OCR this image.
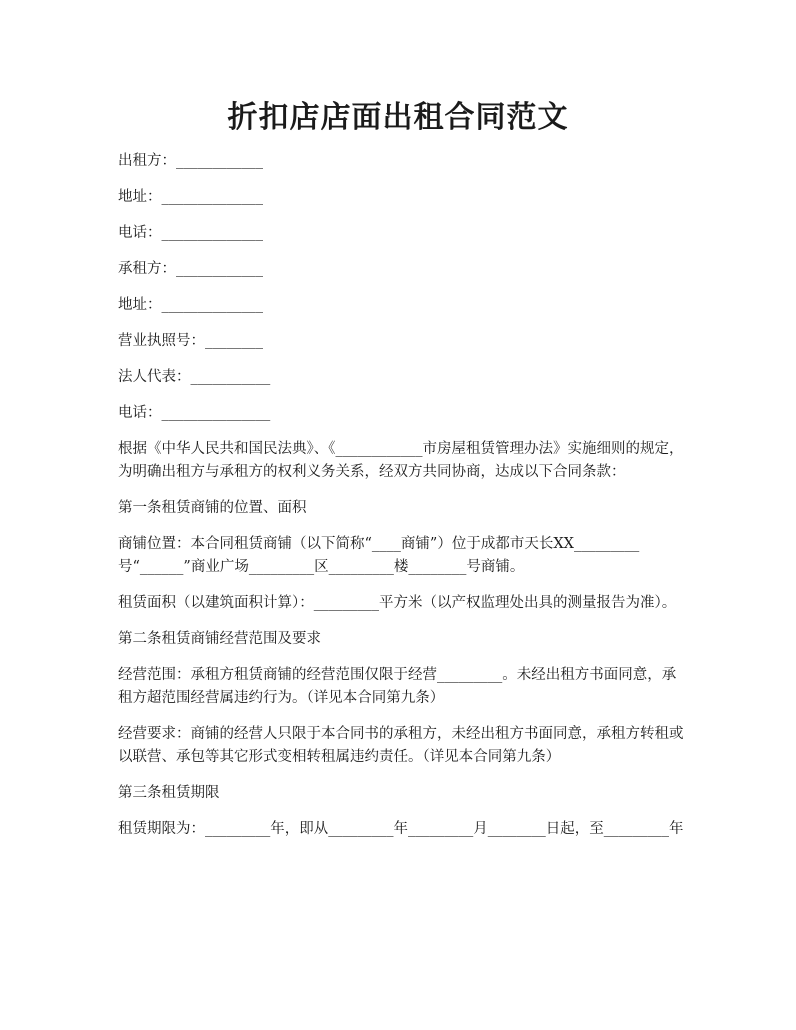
折扣店店面出租合同范文

出租方：____________

地址：______________

电话：______________

承租方：____________

地址：______________

营业执照号：________

法人代表：___________

电话：_______________

根据《中华人民共和国民法典》、《____________市房屋租赁管理办法》实施细则的规定，为明确出租方与承租方的权利义务关系，经双方共同协商，达成以下合同条款：

第一条租赁商铺的位置、面积

商铺位置：本合同租赁商铺（以下简称“____商铺”）位于成都市天长XX_________号“______”商业广场_________区_________楼________号商铺。

租赁面积（以建筑面积计算）：_________平方米（以产权监理处出具的测量报告为准）。

第二条租赁商铺经营范围及要求

经营范围：承租方租赁商铺的经营范围仅限于经营_________。未经出租方书面同意，承租方超范围经营属违约行为。（详见本合同第九条）

经营要求：商铺的经营人只限于本合同书的承租方，未经出租方书面同意，承租方转租或以联营、承包等其它形式变相转租属违约责任。（详见本合同第九条）

第三条租赁期限

租赁期限为：_________年，即从_________年_________月________日起，至_________年
